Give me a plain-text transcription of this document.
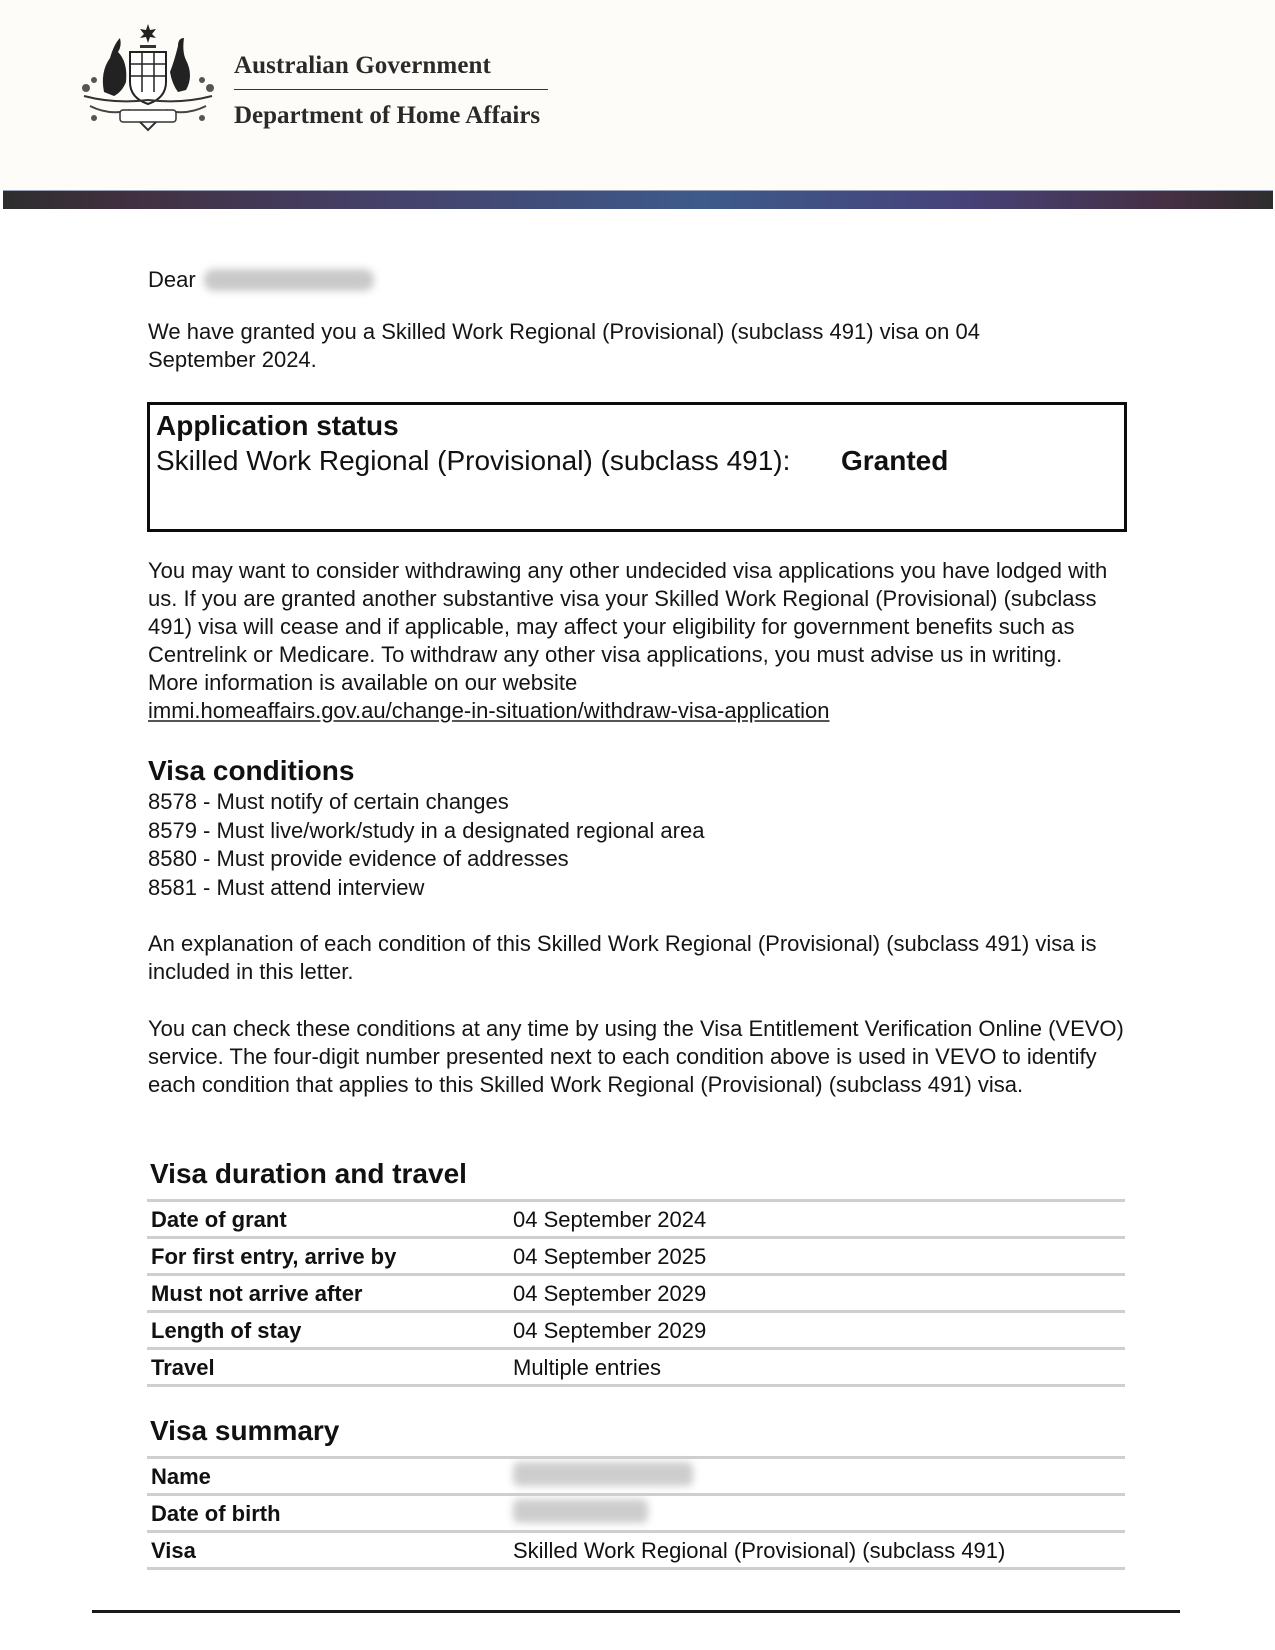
Australian Government
Department of Home Affairs
Dear
We have granted you a Skilled Work Regional (Provisional) (subclass 491) visa on 04 September 2024.
Application status
Skilled Work Regional (Provisional) (subclass 491): Granted
You may want to consider withdrawing any other undecided visa applications you have lodged with us. If you are granted another substantive visa your Skilled Work Regional (Provisional) (subclass 491) visa will cease and if applicable, may affect your eligibility for government benefits such as Centrelink or Medicare. To withdraw any other visa applications, you must advise us in writing. More information is available on our website
immi.homeaffairs.gov.au/change-in-situation/withdraw-visa-application
Visa conditions
8578 - Must notify of certain changes
8579 - Must live/work/study in a designated regional area
8580 - Must provide evidence of addresses
8581 - Must attend interview
An explanation of each condition of this Skilled Work Regional (Provisional) (subclass 491) visa is included in this letter.
You can check these conditions at any time by using the Visa Entitlement Verification Online (VEVO) service. The four-digit number presented next to each condition above is used in VEVO to identify each condition that applies to this Skilled Work Regional (Provisional) (subclass 491) visa.
Visa duration and travel
Date of grant	04 September 2024
For first entry, arrive by	04 September 2025
Must not arrive after	04 September 2029
Length of stay	04 September 2029
Travel	Multiple entries
Visa summary
Name	
Date of birth	
Visa	Skilled Work Regional (Provisional) (subclass 491)
